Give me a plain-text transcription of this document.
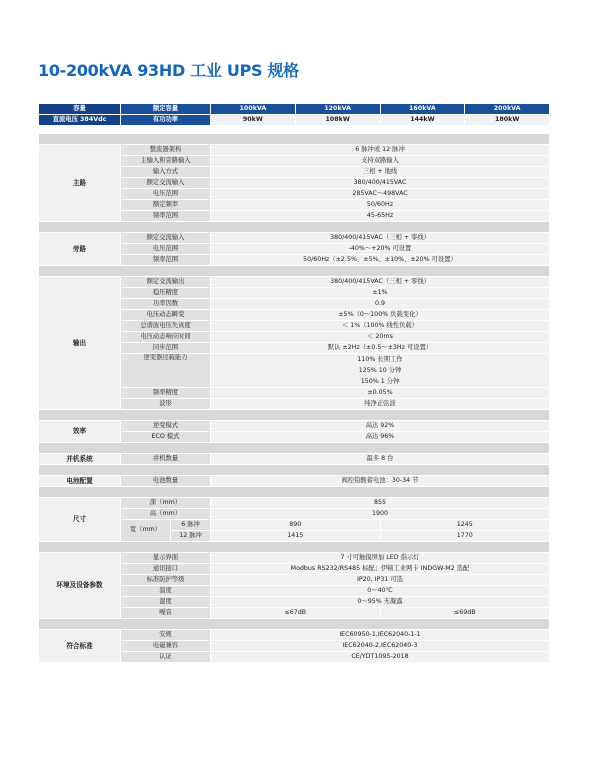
10-200kVA 93HD 工业 UPS 规格
容量	额定容量	100kVA	120kVA	160kVA	200kVA
直流电压 384Vdc	有功功率	90kW	108kW	144kW	180kW

主路	整流器架构		6 脉冲或 12 脉冲	
	主输入和旁路输入		支持双路输入	
	输入方式		三相 + 地线	
	额定交流输入		380/400/415VAC	
	电压范围		285VAC～498VAC	
	额定频率		50/60Hz	
	频率范围		45-65Hz	

旁路	额定交流输入		380/400/415VAC（三相 + 零线）	
	电压范围		-40%～+20% 可设置	
	频率范围		50/60Hz（±2.5%、±5%、±10%、±20% 可设置）	

输出	额定交流输出		380/400/415VAC（三相 + 零线）	
	稳压精度		±1%	
	功率因数		0.9	
	电压动态瞬变		±5%（0～100% 负载变化）	
	总谐波电压失真度		＜ 1%（100% 线性负载）	
	电压动态响应时间		＜ 20ms	
	同步范围		默认 ±2Hz（±0.5～±3Hz 可设置）	
	逆变器过载能力		110% 长期工作
125% 10 分钟
150% 1 分钟	

	频率精度		±0.05%	
	波形		纯净正弦波	

效率	逆变模式		高达 92%	
	ECO 模式		高达 96%	

并机系统	并机数量		最多 8 台	

电池配置	电池数量		阀控铅酸蓄电池：30-34 节	

尺寸	深（mm）		855	
	高（mm）		1900	
	宽（mm）	6 脉冲	890	1245
		12 脉冲	1415	1770

环境及设备参数	显示界面		7 寸可触摸屏加 LED 指示灯	
	通讯接口		Modbus RS232/RS485 标配；伊顿工业网卡 INDGW-M2 选配	
	标准防护等级		IP20, IP31 可选	
	温度		0～40℃	
	湿度		0～95% 无凝露	
	噪音		≤67dB	≤69dB

符合标准	安规		IEC60950-1,IEC62040-1-1	
	电磁兼容		IEC62040-2,IEC62040-3	
	认证		CE/YDT1095-2018	
